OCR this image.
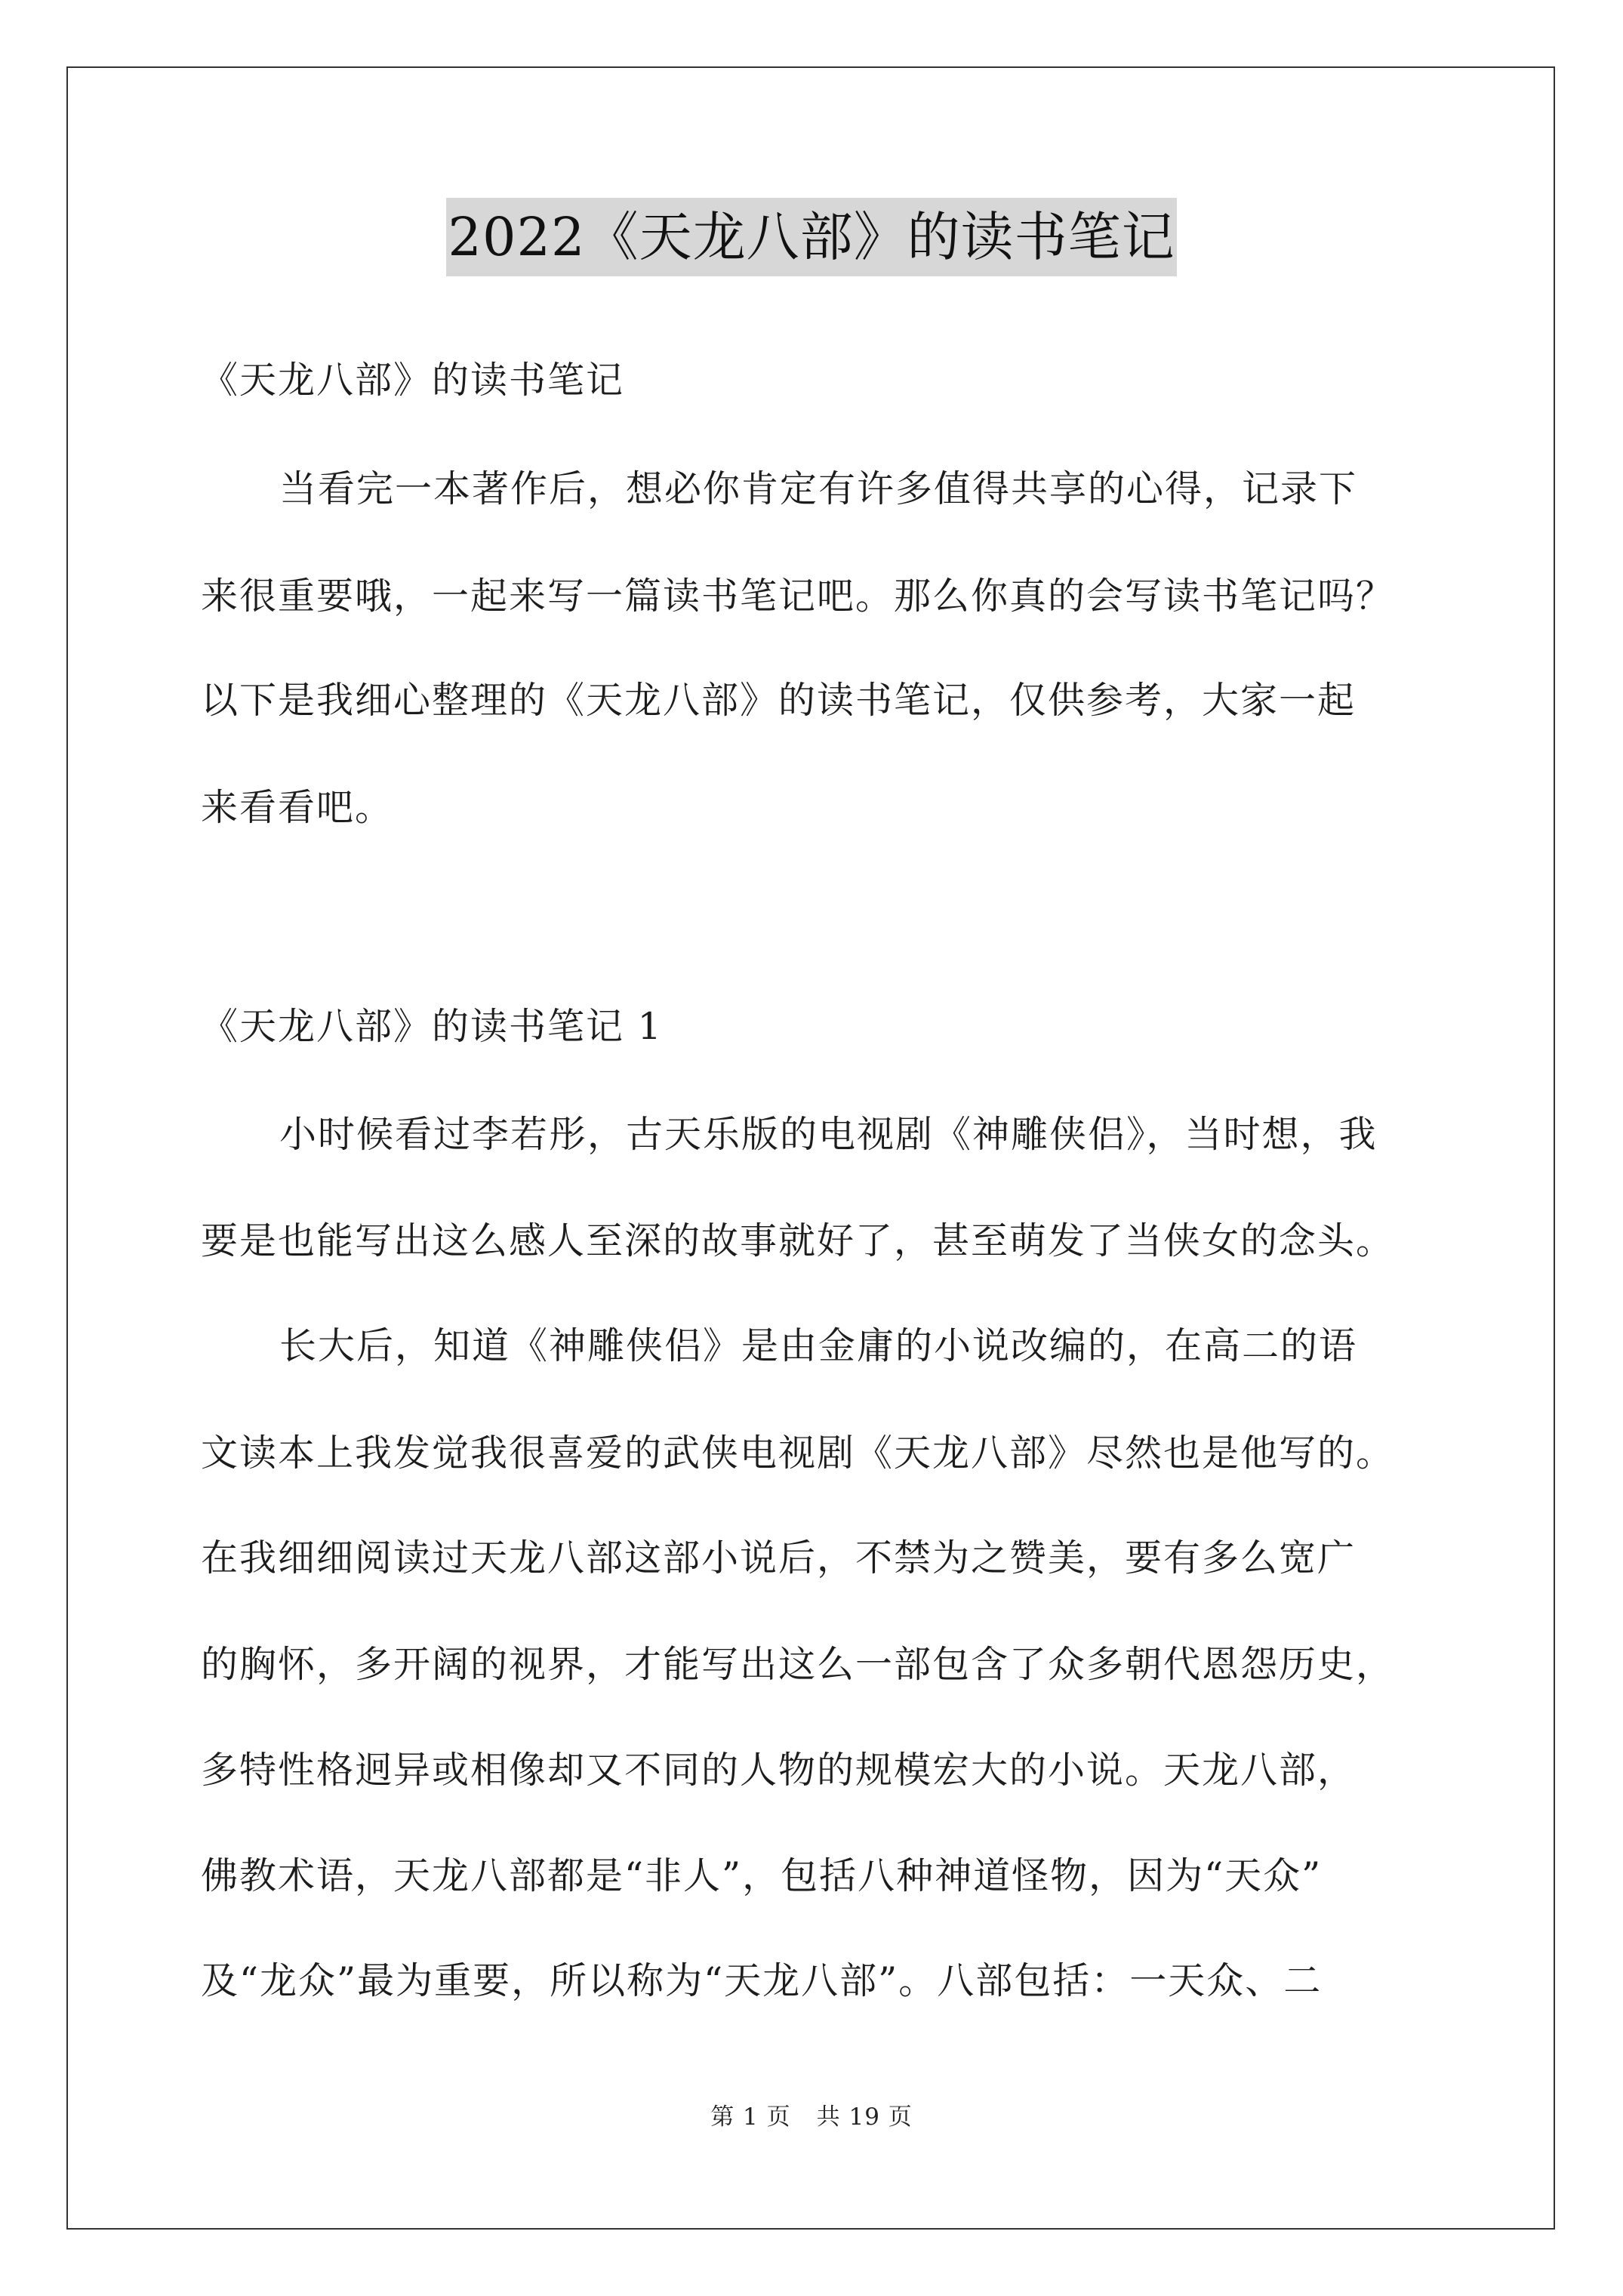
2022《天龙八部》的读书笔记
《天龙八部》的读书笔记
当看完一本著作后，想必你肯定有许多值得共享的心得，记录下
来很重要哦，一起来写一篇读书笔记吧。那么你真的会写读书笔记吗？
以下是我细心整理的《天龙八部》的读书笔记，仅供参考，大家一起
来看看吧。
《天龙八部》的读书笔记 1
小时候看过李若彤，古天乐版的电视剧《神雕侠侣》，当时想，我
要是也能写出这么感人至深的故事就好了，甚至萌发了当侠女的念头。
长大后，知道《神雕侠侣》是由金庸的小说改编的，在高二的语
文读本上我发觉我很喜爱的武侠电视剧《天龙八部》尽然也是他写的。
在我细细阅读过天龙八部这部小说后，不禁为之赞美，要有多么宽广
的胸怀，多开阔的视界，才能写出这么一部包含了众多朝代恩怨历史，
多特性格迥异或相像却又不同的人物的规模宏大的小说。天龙八部，
佛教术语，天龙八部都是“非人”，包括八种神道怪物，因为“天众”
及“龙众”最为重要，所以称为“天龙八部”。八部包括：一天众、二
第 1 页 共 19 页
